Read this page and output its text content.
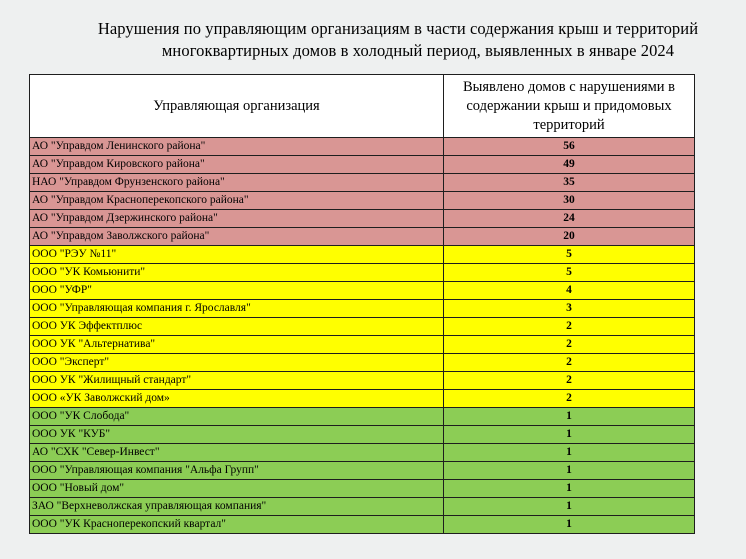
Нарушения по управляющим организациям в части содержания крыш и территорий
многоквартирных домов в холодный период, выявленных в январе 2024
Управляющая организация	Выявлено домов с нарушениями в содержании крыш и придомовых территорий
АО "Управдом Ленинского района"	56
АО "Управдом Кировского района"	49
НАО "Управдом Фрунзенского района"	35
АО "Управдом Красноперекопского района"	30
АО "Управдом Дзержинского района"	24
АО "Управдом Заволжского района"	20
ООО "РЭУ №11"	5
ООО "УК Комьюнити"	5
ООО "УФР"	4
ООО "Управляющая компания г. Ярославля"	3
ООО УК Эффектплюс	2
ООО УК "Альтернатива"	2
ООО "Эксперт"	2
ООО УК "Жилищный стандарт"	2
ООО «УК Заволжский дом»	2
ООО "УК Слобода"	1
ООО УК "КУБ"	1
АО "СХК "Север-Инвест"	1
ООО "Управляющая компания "Альфа Групп"	1
ООО "Новый дом"	1
ЗАО "Верхневолжская управляющая компания"	1
ООО "УК Красноперекопский квартал"	1
